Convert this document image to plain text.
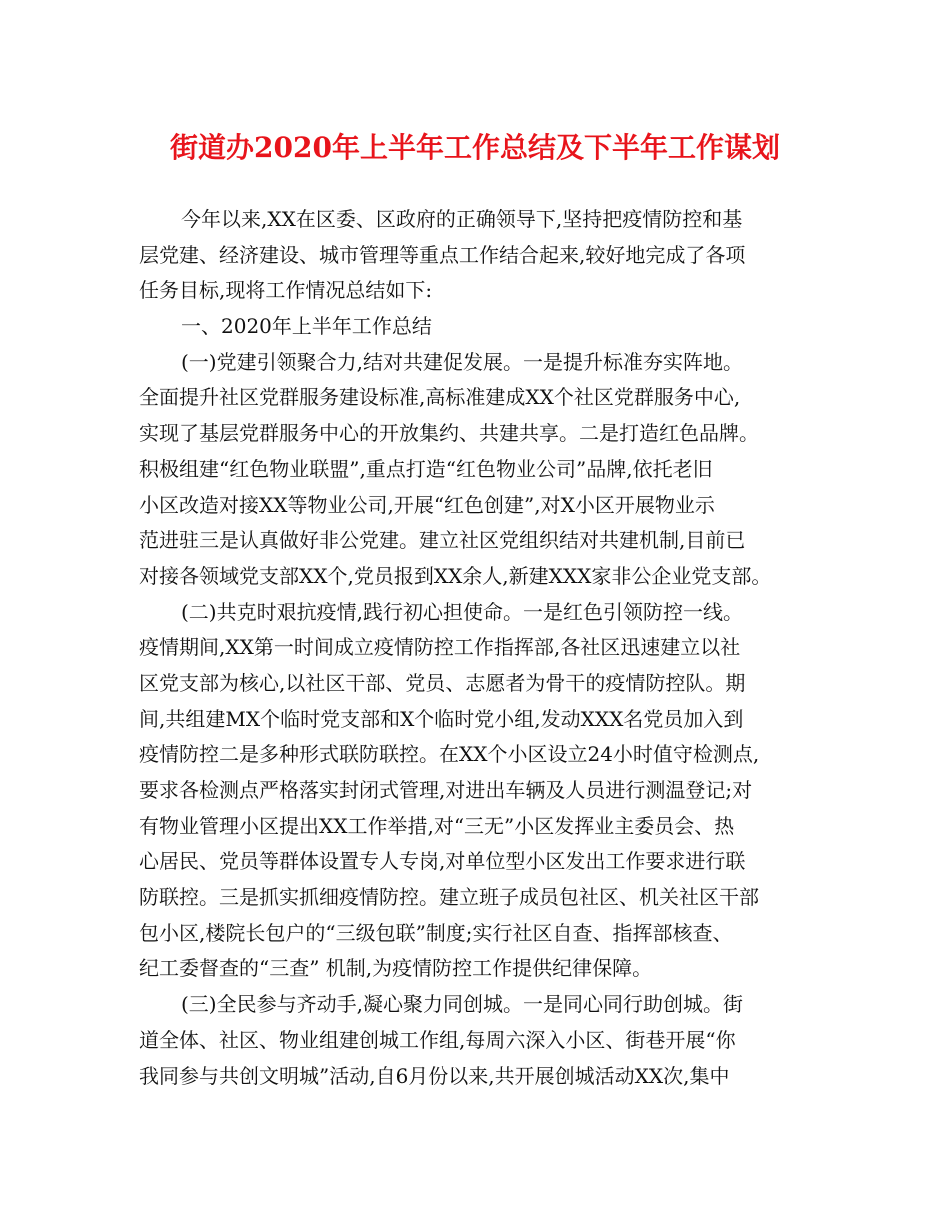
街道办2020年上半年工作总结及下半年工作谋划
今年以来,XX在区委、区政府的正确领导下,坚持把疫情防控和基
层党建、经济建设、城市管理等重点工作结合起来,较好地完成了各项
任务目标,现将工作情况总结如下:
一、2020年上半年工作总结
(一)党建引领聚合力,结对共建促发展。一是提升标准夯实阵地。
全面提升社区党群服务建设标准,高标准建成XX个社区党群服务中心,
实现了基层党群服务中心的开放集约、共建共享。二是打造红色品牌。
积极组建“红色物业联盟”,重点打造“红色物业公司”品牌,依托老旧
小区改造对接XX等物业公司,开展“红色创建”,对X小区开展物业示
范进驻三是认真做好非公党建。建立社区党组织结对共建机制,目前已
对接各领域党支部XX个,党员报到XX余人,新建XXX家非公企业党支部。
(二)共克时艰抗疫情,践行初心担使命。一是红色引领防控一线。
疫情期间,XX第一时间成立疫情防控工作指挥部,各社区迅速建立以社
区党支部为核心,以社区干部、党员、志愿者为骨干的疫情防控队。期
间,共组建MX个临时党支部和X个临时党小组,发动XXX名党员加入到
疫情防控二是多种形式联防联控。在XX个小区设立24小时值守检测点,
要求各检测点严格落实封闭式管理,对进出车辆及人员进行测温登记;对
有物业管理小区提出XX工作举措,对“三无”小区发挥业主委员会、热
心居民、党员等群体设置专人专岗,对单位型小区发出工作要求进行联
防联控。三是抓实抓细疫情防控。建立班子成员包社区、机关社区干部
包小区,楼院长包户的“三级包联”制度;实行社区自查、指挥部核查、
纪工委督查的“三查” 机制,为疫情防控工作提供纪律保障。
(三)全民参与齐动手,凝心聚力同创城。一是同心同行助创城。街
道全体、社区、物业组建创城工作组,每周六深入小区、街巷开展“你
我同参与共创文明城”活动,自6月份以来,共开展创城活动XX次,集中
